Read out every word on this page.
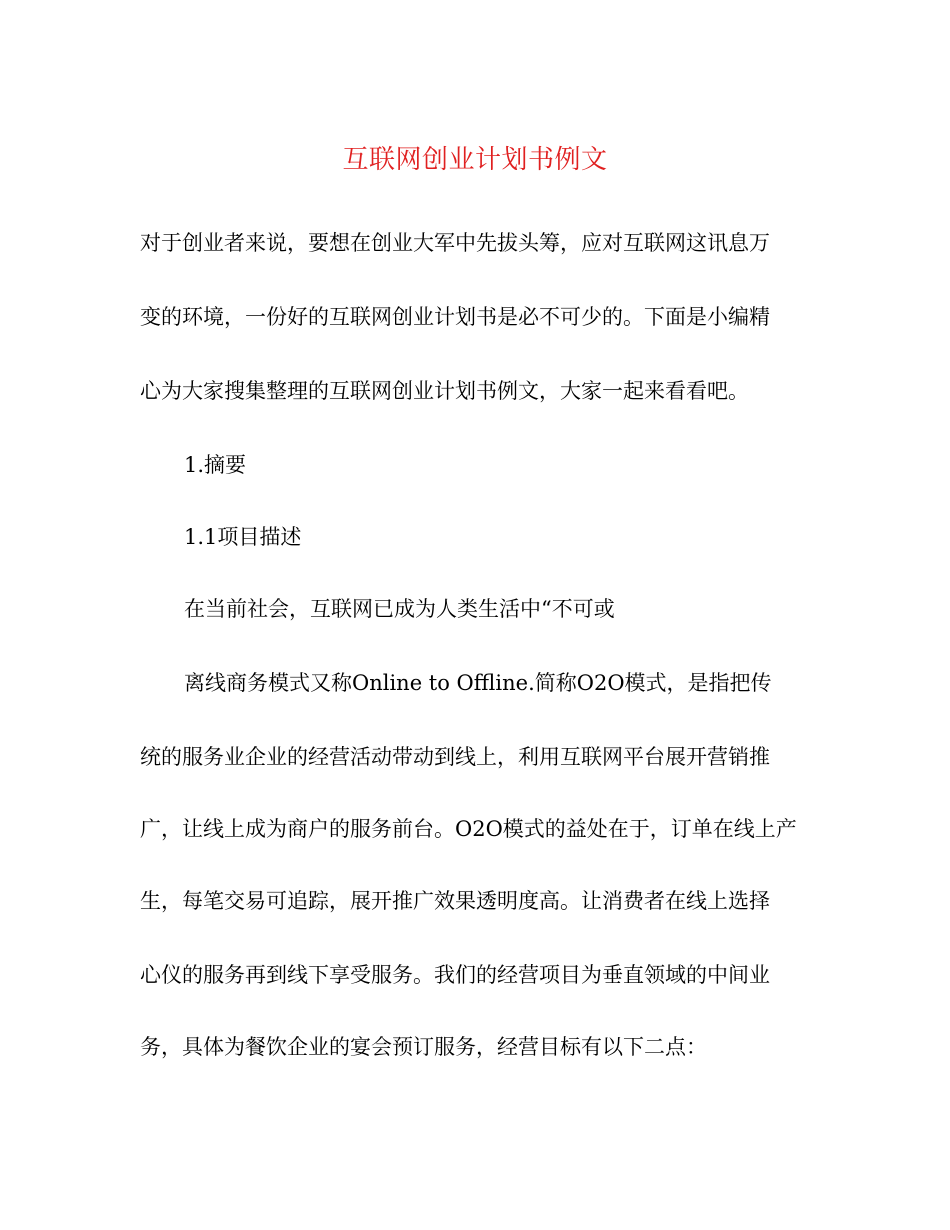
互联网创业计划书例文
对于创业者来说，要想在创业大军中先拔头筹，应对互联网这讯息万
变的环境，一份好的互联网创业计划书是必不可少的。下面是小编精
心为大家搜集整理的互联网创业计划书例文，大家一起来看看吧。
1.摘要
1.1项目描述
在当前社会，互联网已成为人类生活中“不可或
离线商务模式又称Online to Offline.简称O2O模式，是指把传
统的服务业企业的经营活动带动到线上，利用互联网平台展开营销推
广，让线上成为商户的服务前台。O2O模式的益处在于，订单在线上产
生，每笔交易可追踪，展开推广效果透明度高。让消费者在线上选择
心仪的服务再到线下享受服务。我们的经营项目为垂直领域的中间业
务，具体为餐饮企业的宴会预订服务，经营目标有以下二点：
